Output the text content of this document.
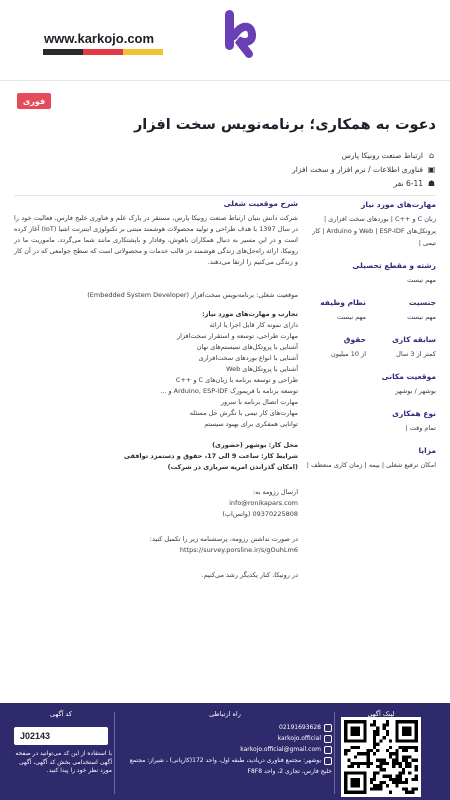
www.karkojo.com
فوری
دعوت به همکاری؛ برنامه‌نویس سخت افزار
⌂
ارتباط صنعت رونیکا پارس
▣
فناوری اطلاعات / نرم افزار و سخت افزار
☗
6-11 نفر
مهارت‌های مورد نیاز
زبان C و ++C | بوردهای سخت افزاری | پروتکل‌های Web | ESP-IDF و Arduino | کار تیمی |
رشته و مقطع تحصیلی
مهم نیست
جنسیت
مهم نیست
نظام وظیفه
مهم نیست
سابقه کاری
کمتر از 3 سال
حقوق
از 10 میلیون
موقعیت مکانی
بوشهر / بوشهر
نوع همکاری
تمام وقت |
مزایا
امکان ترفیع شغلی | بیمه | زمان کاری منعطف |
شرح موقعیت شغلی

شرکت دانش بنیان ارتباط صنعت رونیکا پارس، مستقر در پارک علم و فناوری خلیج فارس، فعالیت خود را در سال 1397 با هدف طراحی و تولید محصولات هوشمند مبتنی بر تکنولوژی اینترنت اشیا (IoT) آغاز کرده است و در این مسیر به دنبال همکاران باهوش، وفادار و باپشتکاری مانند شما می‌گردد. ماموریت ما در رونیکا، ارائه راه‌حل‌های زندگی هوشمند در قالب خدمات و محصولاتی است که سطح جوامعی که در آن کار و زندگی می‌کنیم را ارتقا می‌دهند.

موقعیت شغلی: برنامه‌نویس سخت‌افزار (Embedded System Developer)

تجارب و مهارت‌های مورد نیاز:
دارای نمونه کار قابل اجرا یا ارائه
مهارت طراحی، توسعه و استقرار سخت‌افزار
آشنایی با پروتکل‌های سیستم‌های نهان
آشنایی با انواع بوردهای سخت‌افزاری
آشنایی با پروتکل‌های Web
طراحی و توسعه برنامه با زبان‌های C و ++C
توسعه برنامه با فریمورک Arduino, ESP-IDF و ...
مهارت اتصال برنامه با سرور
مهارت‌های کار تیمی با نگرش حل مسئله
توانایی همفکری برای بهبود سیستم
محل کار: بوشهر (حضوری)
شرایط کار: ساعت 9 الی 17، حقوق و دستمزد توافقی
(امکان گذراندن امریه سربازی در شرکت)
ارسال رزومه به:
info@ronikapars.com
09370225808 (واتس‌اپ)
در صورت نداشتن رزومه، پرسشنامه زیر را تکمیل کنید:
https://survey.porsline.ir/s/gOuhLm6
در رونیکا، کنار یکدیگر رشد می‌کنیم.
لینک آگهی
راه ارتباطی
02191693628
karkojo.official
karkojo.official@gmail.com
بوشهر: مجتمع فناوری دریادید، طبقه اول، واحد 172(کارپانی) ، شیراز: مجتمع خلیج فارس، تجاری 2، واحد F8F8
کد آگهی
J02143
با استفاده از این کد می‌توانید در صفحه آگهی استخدامی بخش کد آگهی، آگهی مورد نظر خود را پیدا کنید.
